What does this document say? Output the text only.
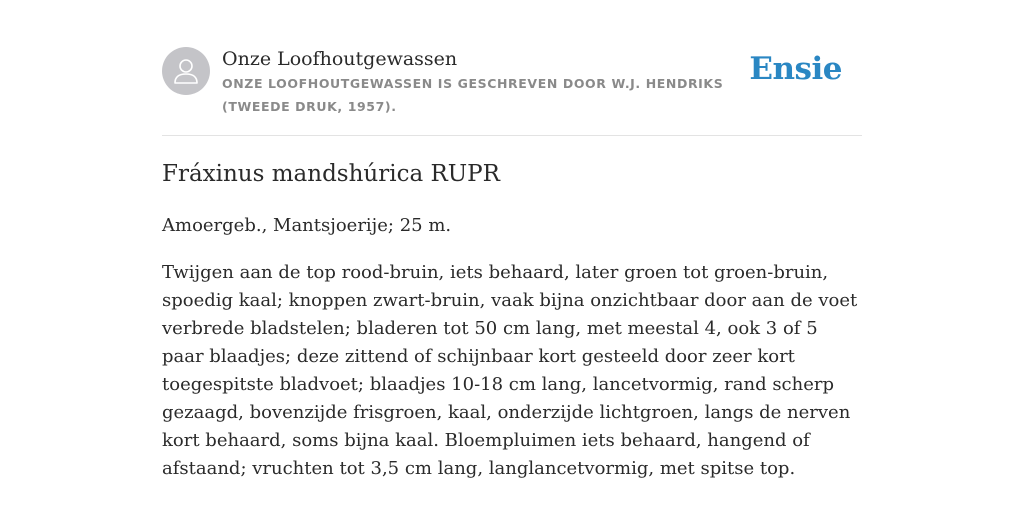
Onze Loofhoutgewassen
ONZE LOOFHOUTGEWASSEN IS GESCHREVEN DOOR W.J. HENDRIKS (TWEEDE DRUK, 1957).
Ensie
Fráxinus mandshúrica RUPR

Amoergeb., Mantsjoerije; 25 m.

Twijgen aan de top rood-bruin, iets behaard, later groen tot groen-bruin, spoedig kaal; knoppen zwart-bruin, vaak bijna onzichtbaar door aan de voet verbrede bladstelen; bladeren tot 50 cm lang, met meestal 4, ook 3 of 5 paar blaadjes; deze zittend of schijnbaar kort gesteeld door zeer kort toegespitste bladvoet; blaadjes 10-18 cm lang, lancetvormig, rand scherp gezaagd, bovenzijde frisgroen, kaal, onderzijde lichtgroen, langs de nerven kort behaard, soms bijna kaal. Bloempluimen iets behaard, hangend of afstaand; vruchten tot 3,5 cm lang, langlancetvormig, met spitse top.
